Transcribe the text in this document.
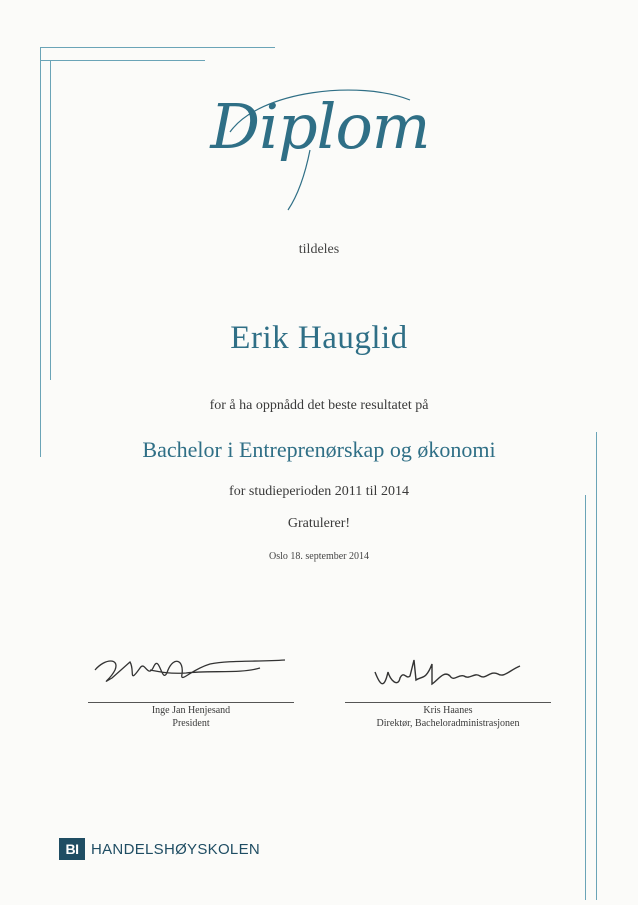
Diplom
tildeles
Erik Hauglid
for å ha oppnådd det beste resultatet på
Bachelor i Entreprenørskap og økonomi
for studieperioden 2011 til 2014
Gratulerer!
Oslo 18. september 2014
Inge Jan Henjesand
President
Kris Haanes
Direktør, Bacheloradministrasjonen
BI HANDELSHØYSKOLEN
